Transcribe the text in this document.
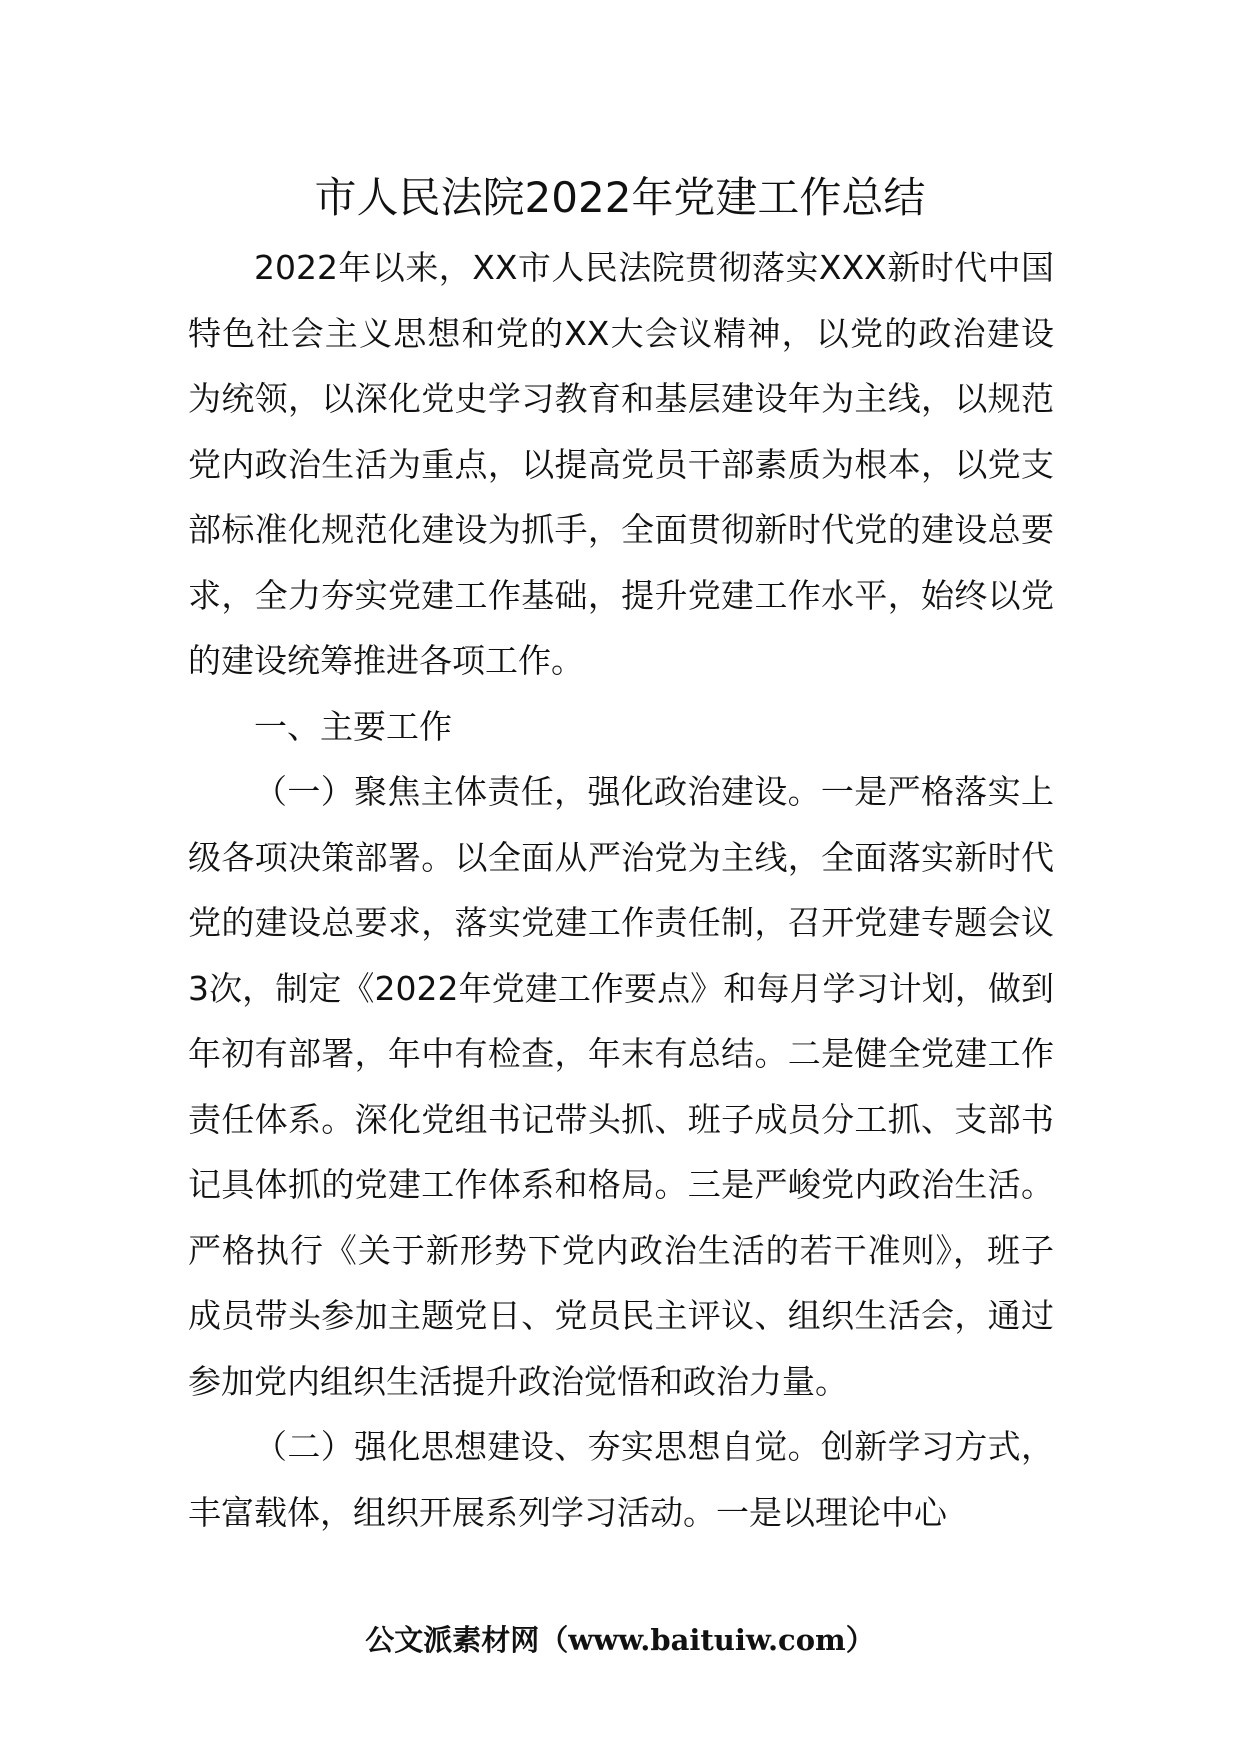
市人民法院2022年党建工作总结

2022年以来，XX市人民法院贯彻落实XXX新时代中国特色社会主义思想和党的XX大会议精神，以党的政治建设为统领，以深化党史学习教育和基层建设年为主线，以规范党内政治生活为重点，以提高党员干部素质为根本，以党支部标准化规范化建设为抓手，全面贯彻新时代党的建设总要求，全力夯实党建工作基础，提升党建工作水平，始终以党的建设统筹推进各项工作。

一、主要工作

（一）聚焦主体责任，强化政治建设。一是严格落实上级各项决策部署。以全面从严治党为主线，全面落实新时代党的建设总要求，落实党建工作责任制，召开党建专题会议3次，制定《2022年党建工作要点》和每月学习计划，做到年初有部署，年中有检查，年末有总结。二是健全党建工作责任体系。深化党组书记带头抓、班子成员分工抓、支部书记具体抓的党建工作体系和格局。三是严峻党内政治生活。严格执行《关于新形势下党内政治生活的若干准则》，班子成员带头参加主题党日、党员民主评议、组织生活会，通过参加党内组织生活提升政治觉悟和政治力量。

（二）强化思想建设、夯实思想自觉。创新学习方式，丰富载体，组织开展系列学习活动。一是以理论中心

公文派素材网（www.baituiw.com）
